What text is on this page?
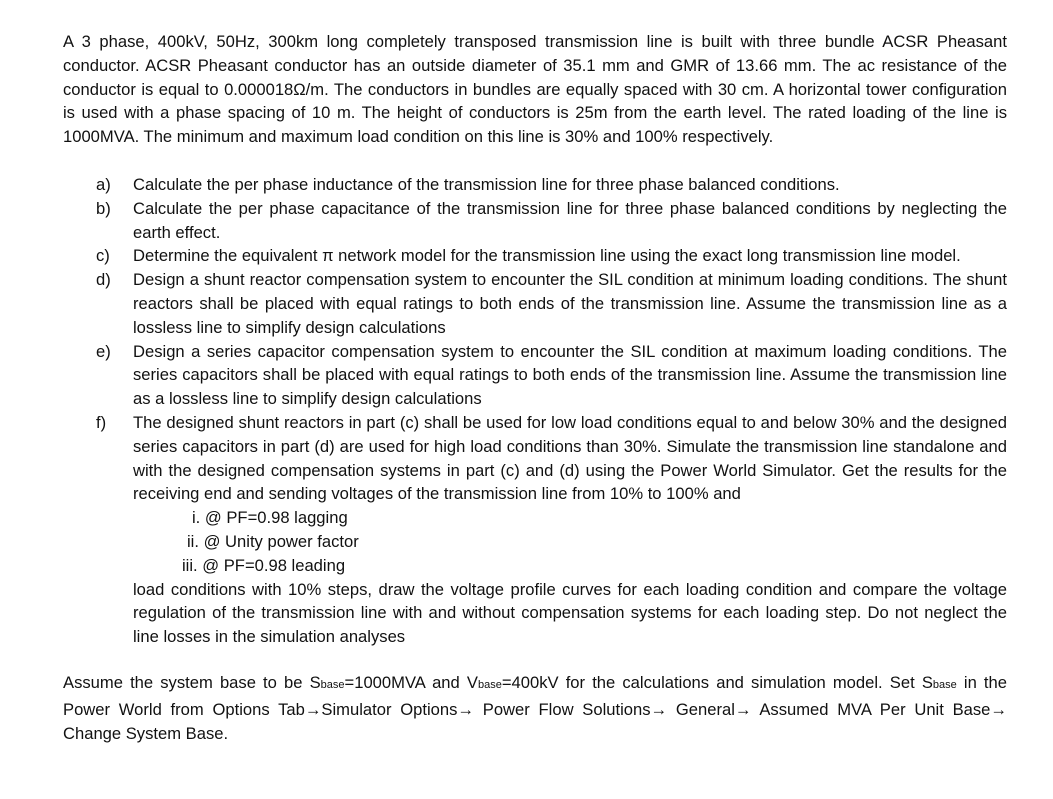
A 3 phase, 400kV, 50Hz, 300km long completely transposed transmission line is built with three bundle ACSR Pheasant conductor. ACSR Pheasant conductor has an outside diameter of 35.1 mm and GMR of 13.66 mm. The ac resistance of the conductor is equal to 0.000018Ω/m. The conductors in bundles are equally spaced with 30 cm. A horizontal tower configuration is used with a phase spacing of 10 m. The height of conductors is 25m from the earth level. The rated loading of the line is 1000MVA. The minimum and maximum load condition on this line is 30% and 100% respectively.

a) Calculate the per phase inductance of the transmission line for three phase balanced conditions.
b) Calculate the per phase capacitance of the transmission line for three phase balanced conditions by neglecting the earth effect.
c) Determine the equivalent π network model for the transmission line using the exact long transmission line model.
d) Design a shunt reactor compensation system to encounter the SIL condition at minimum loading conditions. The shunt reactors shall be placed with equal ratings to both ends of the transmission line. Assume the transmission line as a lossless line to simplify design calculations
e) Design a series capacitor compensation system to encounter the SIL condition at maximum loading conditions. The series capacitors shall be placed with equal ratings to both ends of the transmission line. Assume the transmission line as a lossless line to simplify design calculations
f) The designed shunt reactors in part (c) shall be used for low load conditions equal to and below 30% and the designed series capacitors in part (d) are used for high load conditions than 30%. Simulate the transmission line standalone and with the designed compensation systems in part (c) and (d) using the Power World Simulator. Get the results for the receiving end and sending voltages of the transmission line from 10% to 100% and
i. @ PF=0.98 lagging
ii. @ Unity power factor
iii. @ PF=0.98 leading
load conditions with 10% steps, draw the voltage profile curves for each loading condition and compare the voltage regulation of the transmission line with and without compensation systems for each loading step. Do not neglect the line losses in the simulation analyses

Assume the system base to be Sbase=1000MVA and Vbase=400kV for the calculations and simulation model. Set Sbase in the Power World from Options Tab→Simulator Options→ Power Flow Solutions→ General→ Assumed MVA Per Unit Base→ Change System Base.
